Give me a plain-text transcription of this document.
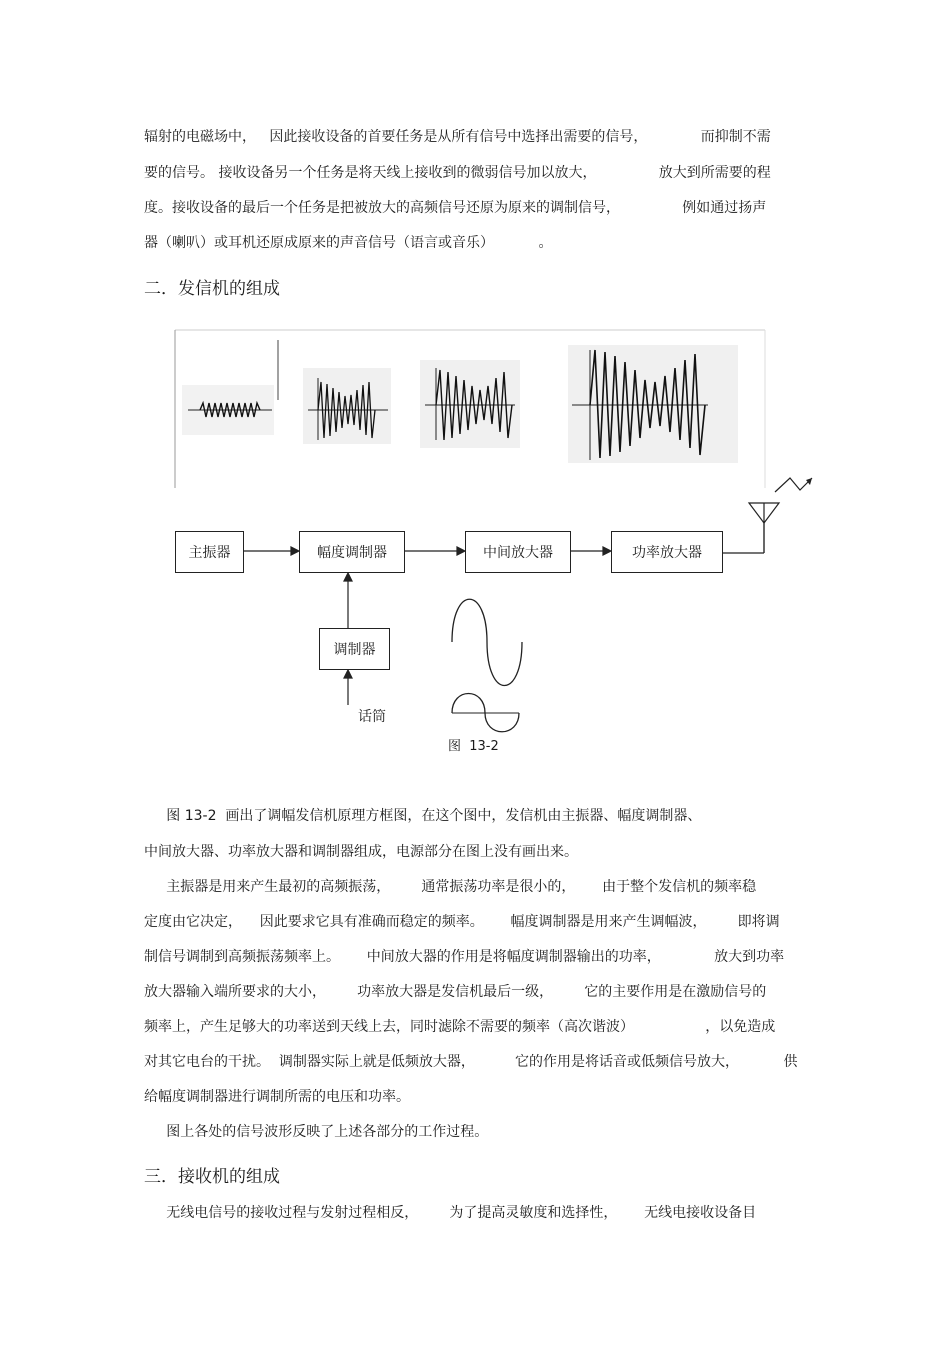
辐射的电磁场中，   因此接收设备的首要任务是从所有信号中选择出需要的信号，            而抑制不需
要的信号。 接收设备另一个任务是将天线上接收到的微弱信号加以放大，              放大到所需要的程
度。接收设备的最后一个任务是把被放大的高频信号还原为原来的调制信号，              例如通过扬声
器（喇叭）或耳机还原成原来的声音信号（语言或音乐）          。
二．发信机的组成
主振器	幅度调制器	中间放大器	功率放大器
调制器
话筒
图  13-2
图 13-2  画出了调幅发信机原理方框图，在这个图中，发信机由主振器、幅度调制器、
中间放大器、功率放大器和调制器组成，电源部分在图上没有画出来。
主振器是用来产生最初的高频振荡，       通常振荡功率是很小的，      由于整个发信机的频率稳
定度由它决定，    因此要求它具有准确而稳定的频率。      幅度调制器是用来产生调幅波，       即将调
制信号调制到高频振荡频率上。      中间放大器的作用是将幅度调制器输出的功率，            放大到功率
放大器输入端所要求的大小，       功率放大器是发信机最后一级，       它的主要作用是在激励信号的
频率上，产生足够大的功率送到天线上去，同时滤除不需要的频率（高次谐波）                ，以免造成
对其它电台的干扰。  调制器实际上就是低频放大器，         它的作用是将话音或低频信号放大，          供
给幅度调制器进行调制所需的电压和功率。
图上各处的信号波形反映了上述各部分的工作过程。
三．接收机的组成
无线电信号的接收过程与发射过程相反，       为了提高灵敏度和选择性，      无线电接收设备目
